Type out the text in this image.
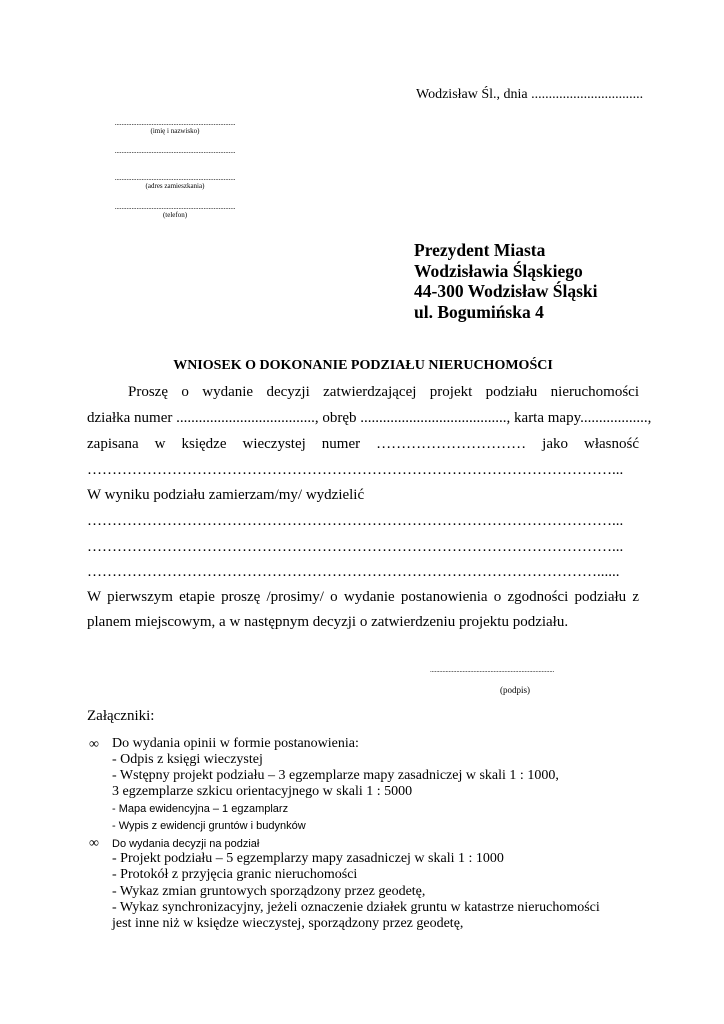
Wodzisław Śl., dnia ................................
........................................................................
(imię i nazwisko)
........................................................................
........................................................................
(adres zamieszkania)
........................................................................
(telefon)
Prezydent Miasta
Wodzisławia Śląskiego
44-300 Wodzisław Śląski
ul. Bogumińska 4
WNIOSEK O DOKONANIE PODZIAŁU NIERUCHOMOŚCI
Proszę o wydanie decyzji zatwierdzającej projekt podziału nieruchomości
działka numer ....................................., obręb ......................................., karta mapy..................,
zapisana w księdze wieczystej numer ………………………… jako własność
……………………………………………………………………………………………...
W wyniku podziału zamierzam/my/ wydzielić
……………………………………………………………………………………………...
……………………………………………………………………………………………...
…………………………………………………………………………………………......
W pierwszym etapie proszę /prosimy/ o wydanie postanowienia o zgodności podziału z
planem miejscowym, a w następnym decyzji o zatwierdzeniu projektu podziału.
................................................................................
(podpis)
Załączniki:
∞ Do wydania opinii w formie postanowienia:
- Odpis z księgi wieczystej
- Wstępny projekt podziału – 3 egzemplarze mapy zasadniczej w skali 1 : 1000,
3 egzemplarze szkicu orientacyjnego w skali 1 : 5000
- Mapa ewidencyjna – 1 egzamplarz
- Wypis z ewidencji gruntów i budynków
∞ Do wydania decyzji na podział
- Projekt podziału – 5 egzemplarzy mapy zasadniczej w skali 1 : 1000
- Protokół z przyjęcia granic nieruchomości
- Wykaz zmian gruntowych sporządzony przez geodetę,
- Wykaz synchronizacyjny, jeżeli oznaczenie działek gruntu w katastrze nieruchomości
jest inne niż w księdze wieczystej, sporządzony przez geodetę,
